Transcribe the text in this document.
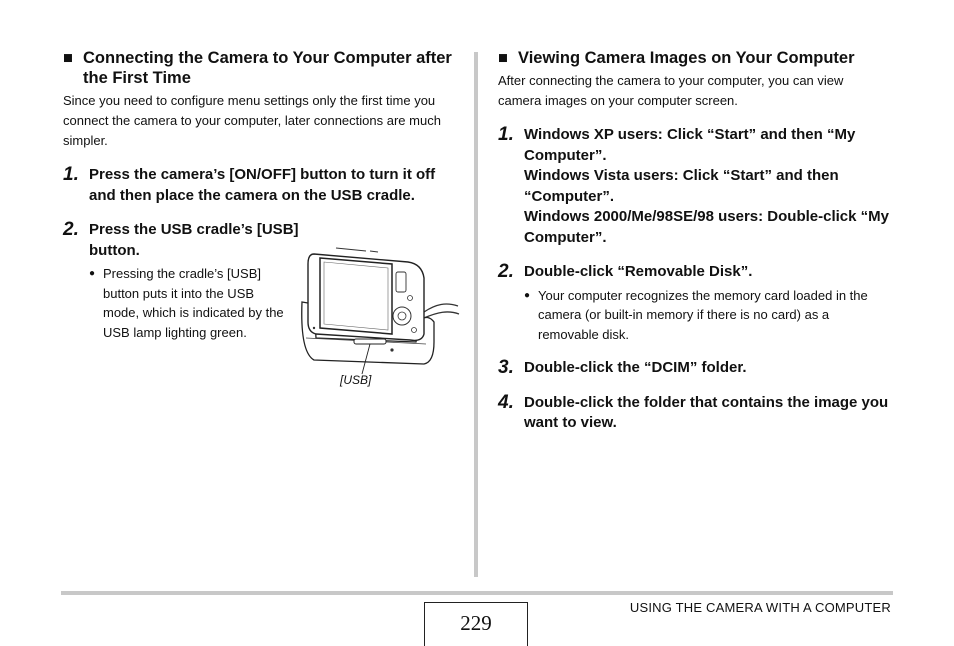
■ Connecting the Camera to Your Computer after the First Time

Since you need to configure menu settings only the first time you connect the camera to your computer, later connections are much simpler.

1. Press the camera’s [ON/OFF] button to turn it off and then place the camera on the USB cradle.
2. Press the USB cradle’s [USB] button.
● Pressing the cradle’s [USB] button puts it into the USB mode, which is indicated by the USB lamp lighting green.
[USB]
■ Viewing Camera Images on Your Computer

After connecting the camera to your computer, you can view camera images on your computer screen.

1. Windows XP users: Click “Start” and then “My Computer”.
Windows Vista users: Click “Start” and then “Computer”.
Windows 2000/Me/98SE/98 users: Double-click “My Computer”.
2. Double-click “Removable Disk”.
● Your computer recognizes the memory card loaded in the camera (or built-in memory if there is no card) as a removable disk.
3. Double-click the “DCIM” folder.
4. Double-click the folder that contains the image you want to view.
229
USING THE CAMERA WITH A COMPUTER
